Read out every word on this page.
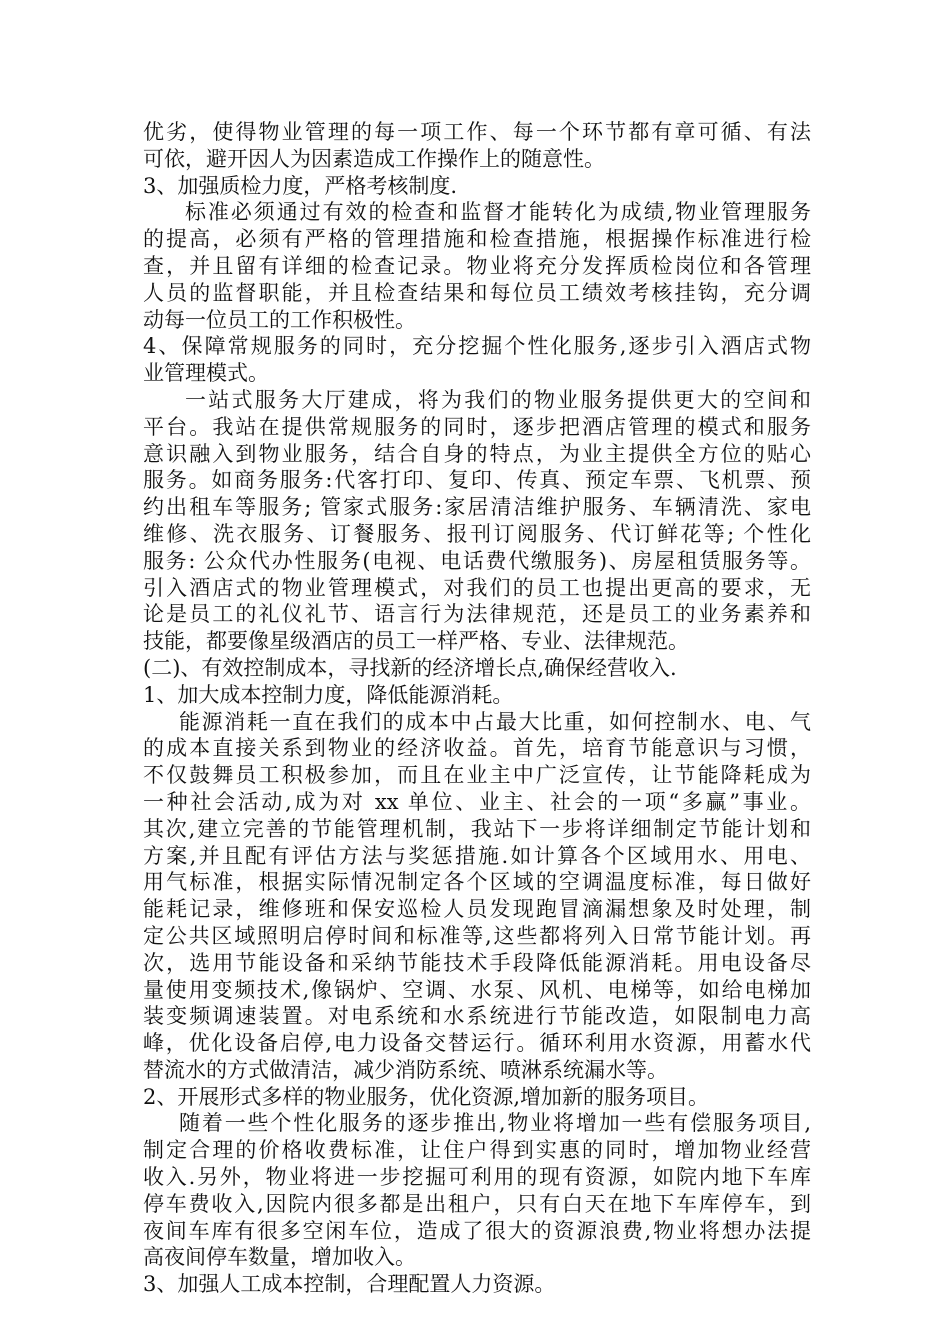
优劣，使得物业管理的每一项工作、每一个环节都有章可循、有法
可依，避开因人为因素造成工作操作上的随意性。
3、加强质检力度，严格考核制度.
标准必须通过有效的检查和监督才能转化为成绩,物业管理服务
的提高，必须有严格的管理措施和检查措施，根据操作标准进行检
查，并且留有详细的检查记录。物业将充分发挥质检岗位和各管理
人员的监督职能，并且检查结果和每位员工绩效考核挂钩，充分调
动每一位员工的工作积极性。
4、保障常规服务的同时，充分挖掘个性化服务,逐步引入酒店式物
业管理模式。
一站式服务大厅建成，将为我们的物业服务提供更大的空间和
平台。我站在提供常规服务的同时，逐步把酒店管理的模式和服务
意识融入到物业服务，结合自身的特点，为业主提供全方位的贴心
服务。如商务服务:代客打印、复印、传真、预定车票、飞机票、预
约出租车等服务; 管家式服务:家居清洁维护服务、车辆清洗、家电
维修、洗衣服务、订餐服务、报刊订阅服务、代订鲜花等; 个性化
服务: 公众代办性服务(电视、电话费代缴服务)、房屋租赁服务等。
引入酒店式的物业管理模式，对我们的员工也提出更高的要求，无
论是员工的礼仪礼节、语言行为法律规范，还是员工的业务素养和
技能，都要像星级酒店的员工一样严格、专业、法律规范。
(二)、有效控制成本，寻找新的经济增长点,确保经营收入.
1、加大成本控制力度，降低能源消耗。
能源消耗一直在我们的成本中占最大比重，如何控制水、电、气
的成本直接关系到物业的经济收益。首先，培育节能意识与习惯，
不仅鼓舞员工积极参加，而且在业主中广泛宣传，让节能降耗成为
一种社会活动,成为对 xx 单位、业主、社会的一项“多赢”事业。
其次,建立完善的节能管理机制，我站下一步将详细制定节能计划和
方案,并且配有评估方法与奖惩措施.如计算各个区域用水、用电、
用气标准，根据实际情况制定各个区域的空调温度标准，每日做好
能耗记录，维修班和保安巡检人员发现跑冒滴漏想象及时处理，制
定公共区域照明启停时间和标准等,这些都将列入日常节能计划。再
次，选用节能设备和采纳节能技术手段降低能源消耗。用电设备尽
量使用变频技术,像锅炉、空调、水泵、风机、电梯等，如给电梯加
装变频调速装置。对电系统和水系统进行节能改造，如限制电力高
峰，优化设备启停,电力设备交替运行。循环利用水资源，用蓄水代
替流水的方式做清洁，减少消防系统、喷淋系统漏水等。
2、开展形式多样的物业服务，优化资源,增加新的服务项目。
随着一些个性化服务的逐步推出,物业将增加一些有偿服务项目,
制定合理的价格收费标准，让住户得到实惠的同时，增加物业经营
收入.另外，物业将进一步挖掘可利用的现有资源，如院内地下车库
停车费收入,因院内很多都是出租户，只有白天在地下车库停车，到
夜间车库有很多空闲车位，造成了很大的资源浪费,物业将想办法提
高夜间停车数量，增加收入。
3、加强人工成本控制，合理配置人力资源。
